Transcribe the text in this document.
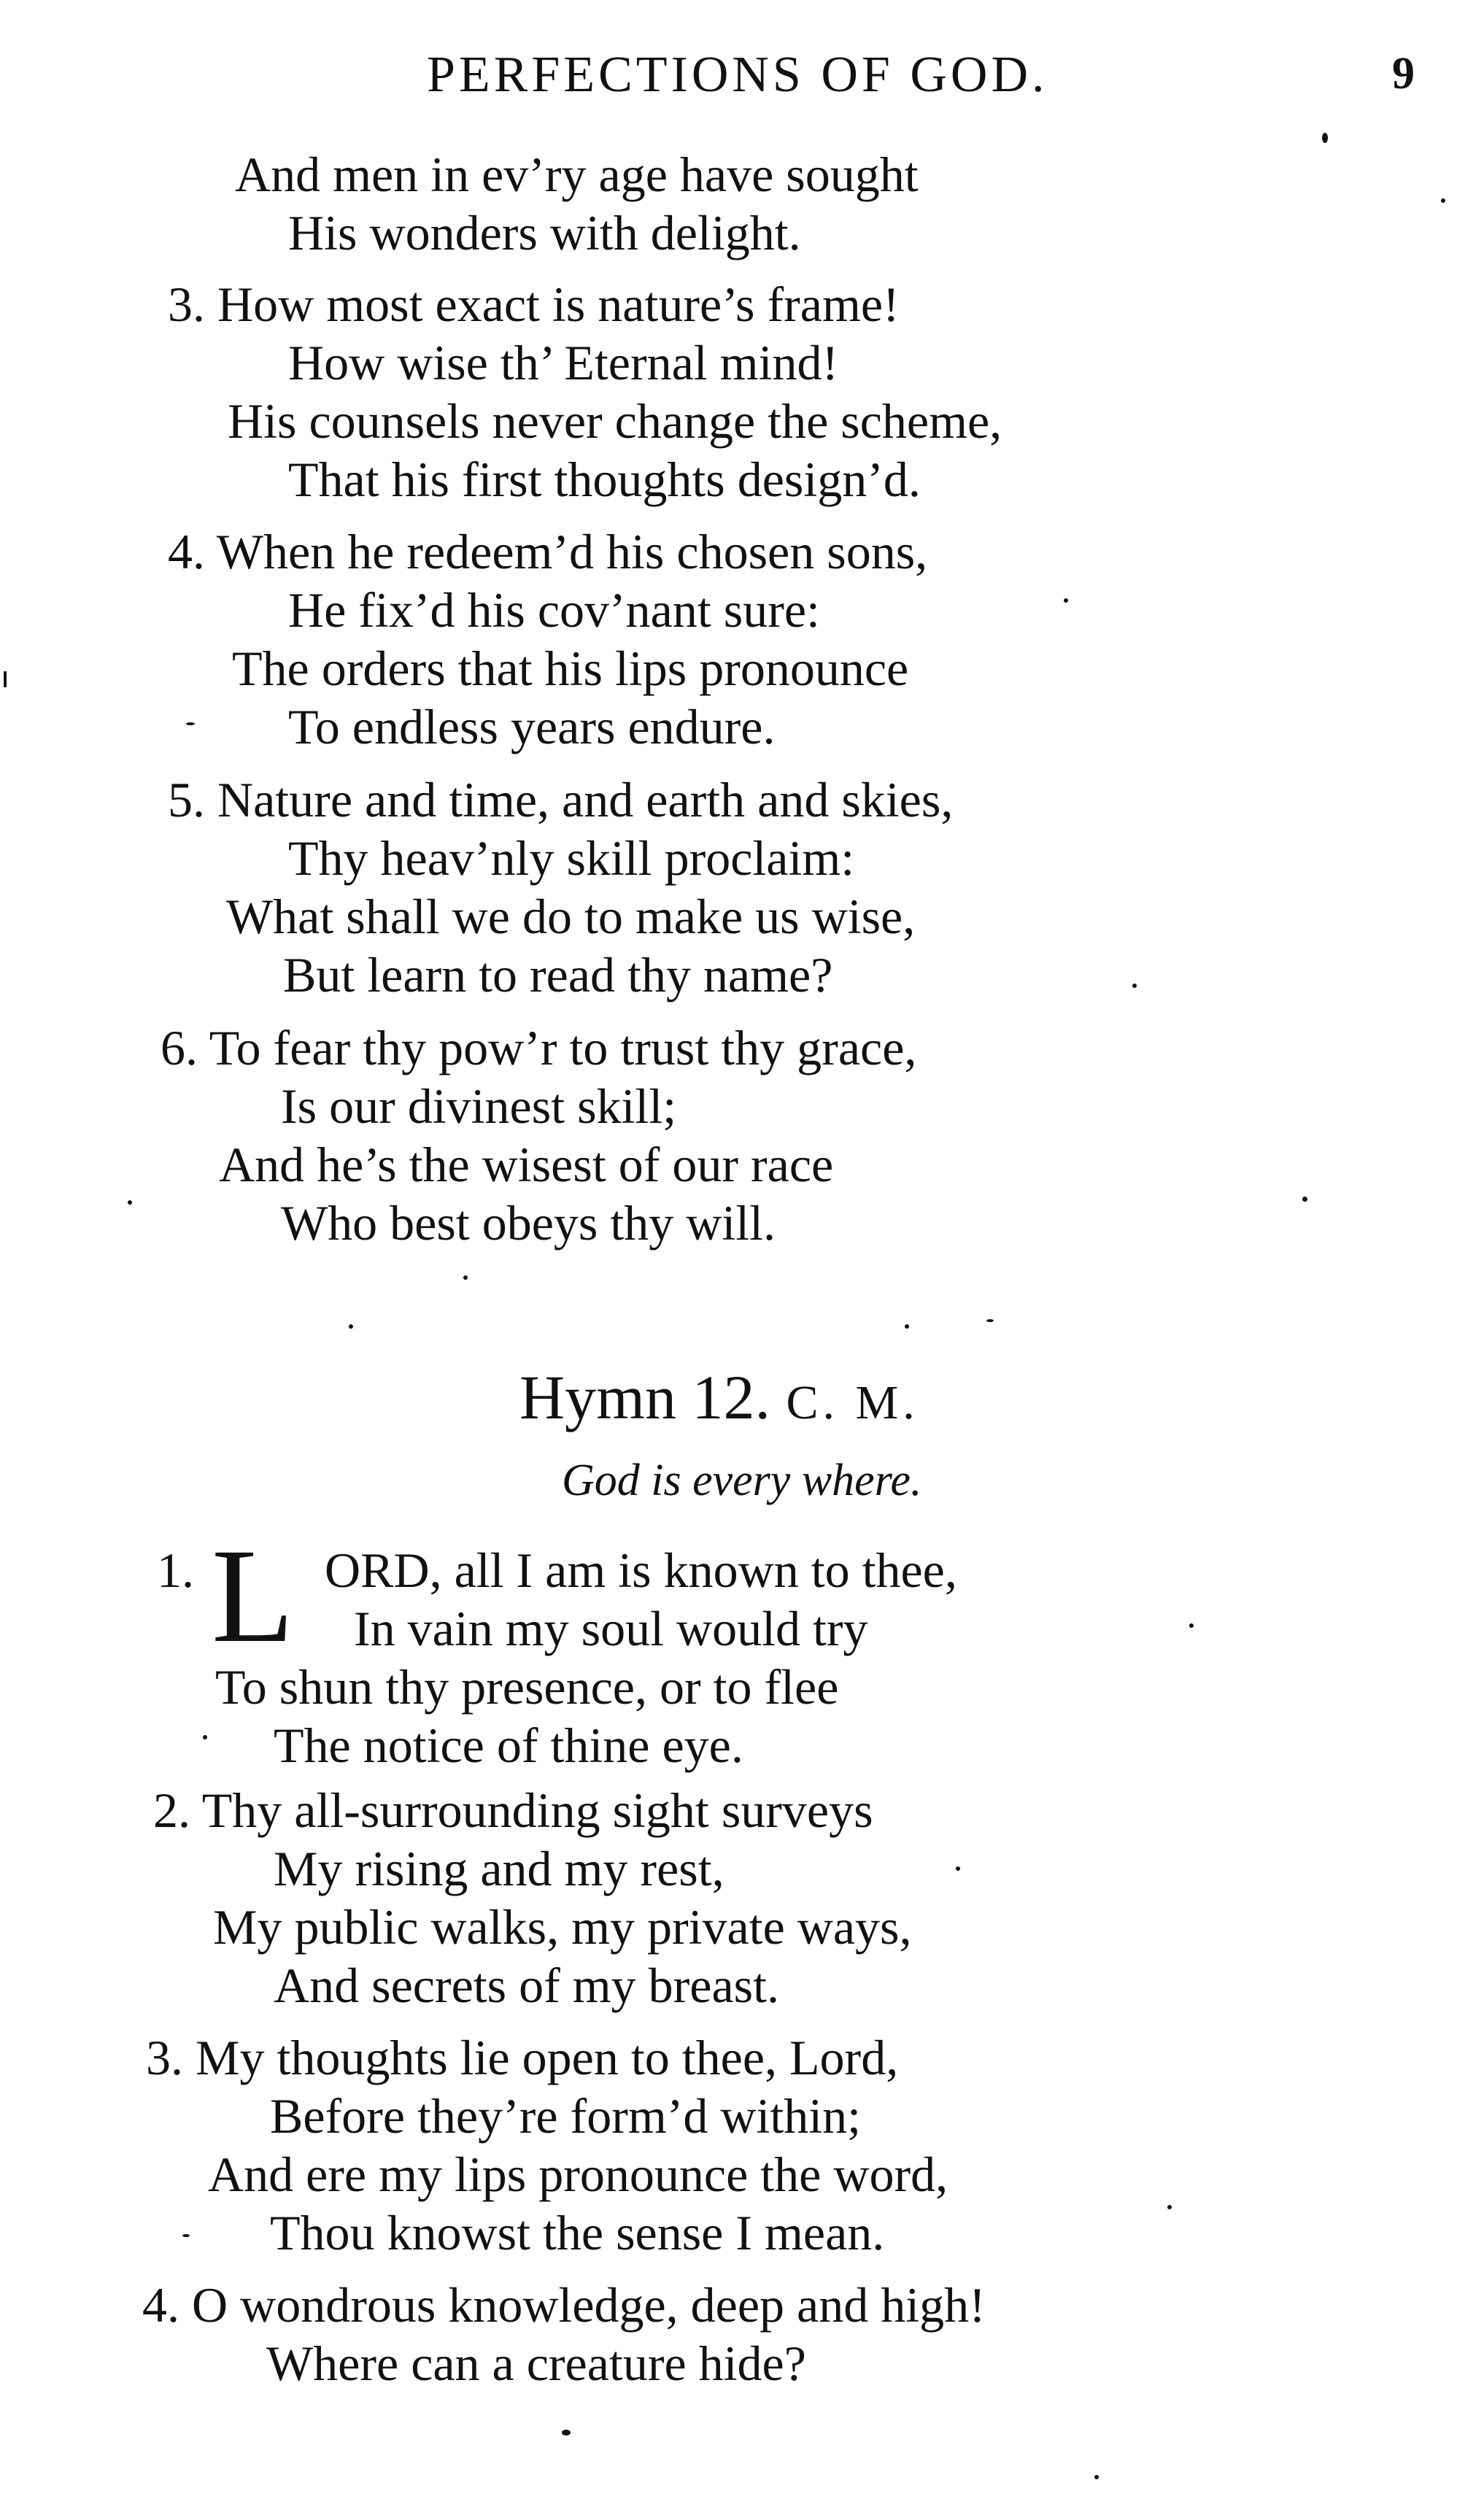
PERFECTIONS OF GOD.	9
And men in ev’ry age have sought
His wonders with delight.
3. How most exact is nature’s frame!
How wise th’ Eternal mind!
His counsels never change the scheme,
That his first thoughts design’d.
4. When he redeem’d his chosen sons,
He fix’d his cov’nant sure:
The orders that his lips pronounce
To endless years endure.
5. Nature and time, and earth and skies,
Thy heav’nly skill proclaim:
What shall we do to make us wise,
But learn to read thy name?
6. To fear thy pow’r to trust thy grace,
Is our divinest skill;
And he’s the wisest of our race
Who best obeys thy will.
Hymn 12. C. M.
God is every where.
1. L ORD, all I am is known to thee,
In vain my soul would try
To shun thy presence, or to flee
The notice of thine eye.
2. Thy all-surrounding sight surveys
My rising and my rest,
My public walks, my private ways,
And secrets of my breast.
3. My thoughts lie open to thee, Lord,
Before they’re form’d within;
And ere my lips pronounce the word,
Thou knowst the sense I mean.
4. O wondrous knowledge, deep and high!
Where can a creature hide?
